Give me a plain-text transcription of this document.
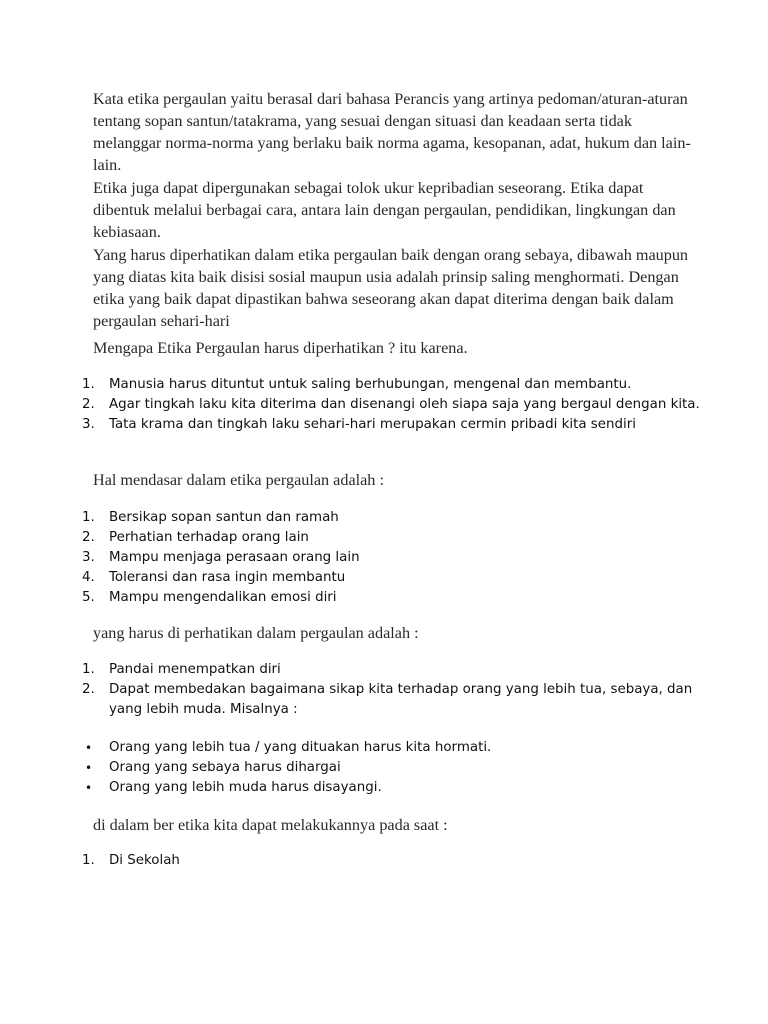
Kata etika pergaulan yaitu berasal dari bahasa Perancis yang artinya pedoman/aturan-aturan tentang sopan santun/tatakrama, yang sesuai dengan situasi dan keadaan serta tidak melanggar norma-norma yang berlaku baik norma agama, kesopanan, adat, hukum dan lain-lain.

Etika juga dapat dipergunakan sebagai tolok ukur kepribadian seseorang. Etika dapat dibentuk melalui berbagai cara, antara lain dengan pergaulan, pendidikan, lingkungan dan kebiasaan.

Yang harus diperhatikan dalam etika pergaulan baik dengan orang sebaya, dibawah maupun yang diatas kita baik disisi sosial maupun usia adalah prinsip saling menghormati. Dengan etika yang baik dapat dipastikan bahwa seseorang akan dapat diterima dengan baik dalam pergaulan sehari-hari

Mengapa Etika Pergaulan harus diperhatikan ? itu karena.

1.	Manusia harus dituntut untuk saling berhubungan, mengenal dan membantu.
2.	Agar tingkah laku kita diterima dan disenangi oleh siapa saja yang bergaul dengan kita.
3.	Tata krama dan tingkah laku sehari-hari merupakan cermin pribadi kita sendiri

Hal mendasar dalam etika pergaulan adalah :

1.	Bersikap sopan santun dan ramah
2.	Perhatian terhadap orang lain
3.	Mampu menjaga perasaan orang lain
4.	Toleransi dan rasa ingin membantu
5.	Mampu mengendalikan emosi diri

yang harus di perhatikan dalam pergaulan adalah :

1.	Pandai menempatkan diri
2.	Dapat membedakan bagaimana sikap kita terhadap orang yang lebih tua, sebaya, dan yang lebih muda. Misalnya :
• Orang yang lebih tua / yang dituakan harus kita hormati.
• Orang yang sebaya harus dihargai
• Orang yang lebih muda harus disayangi.

di dalam ber etika kita dapat melakukannya pada saat :

1.	Di Sekolah
